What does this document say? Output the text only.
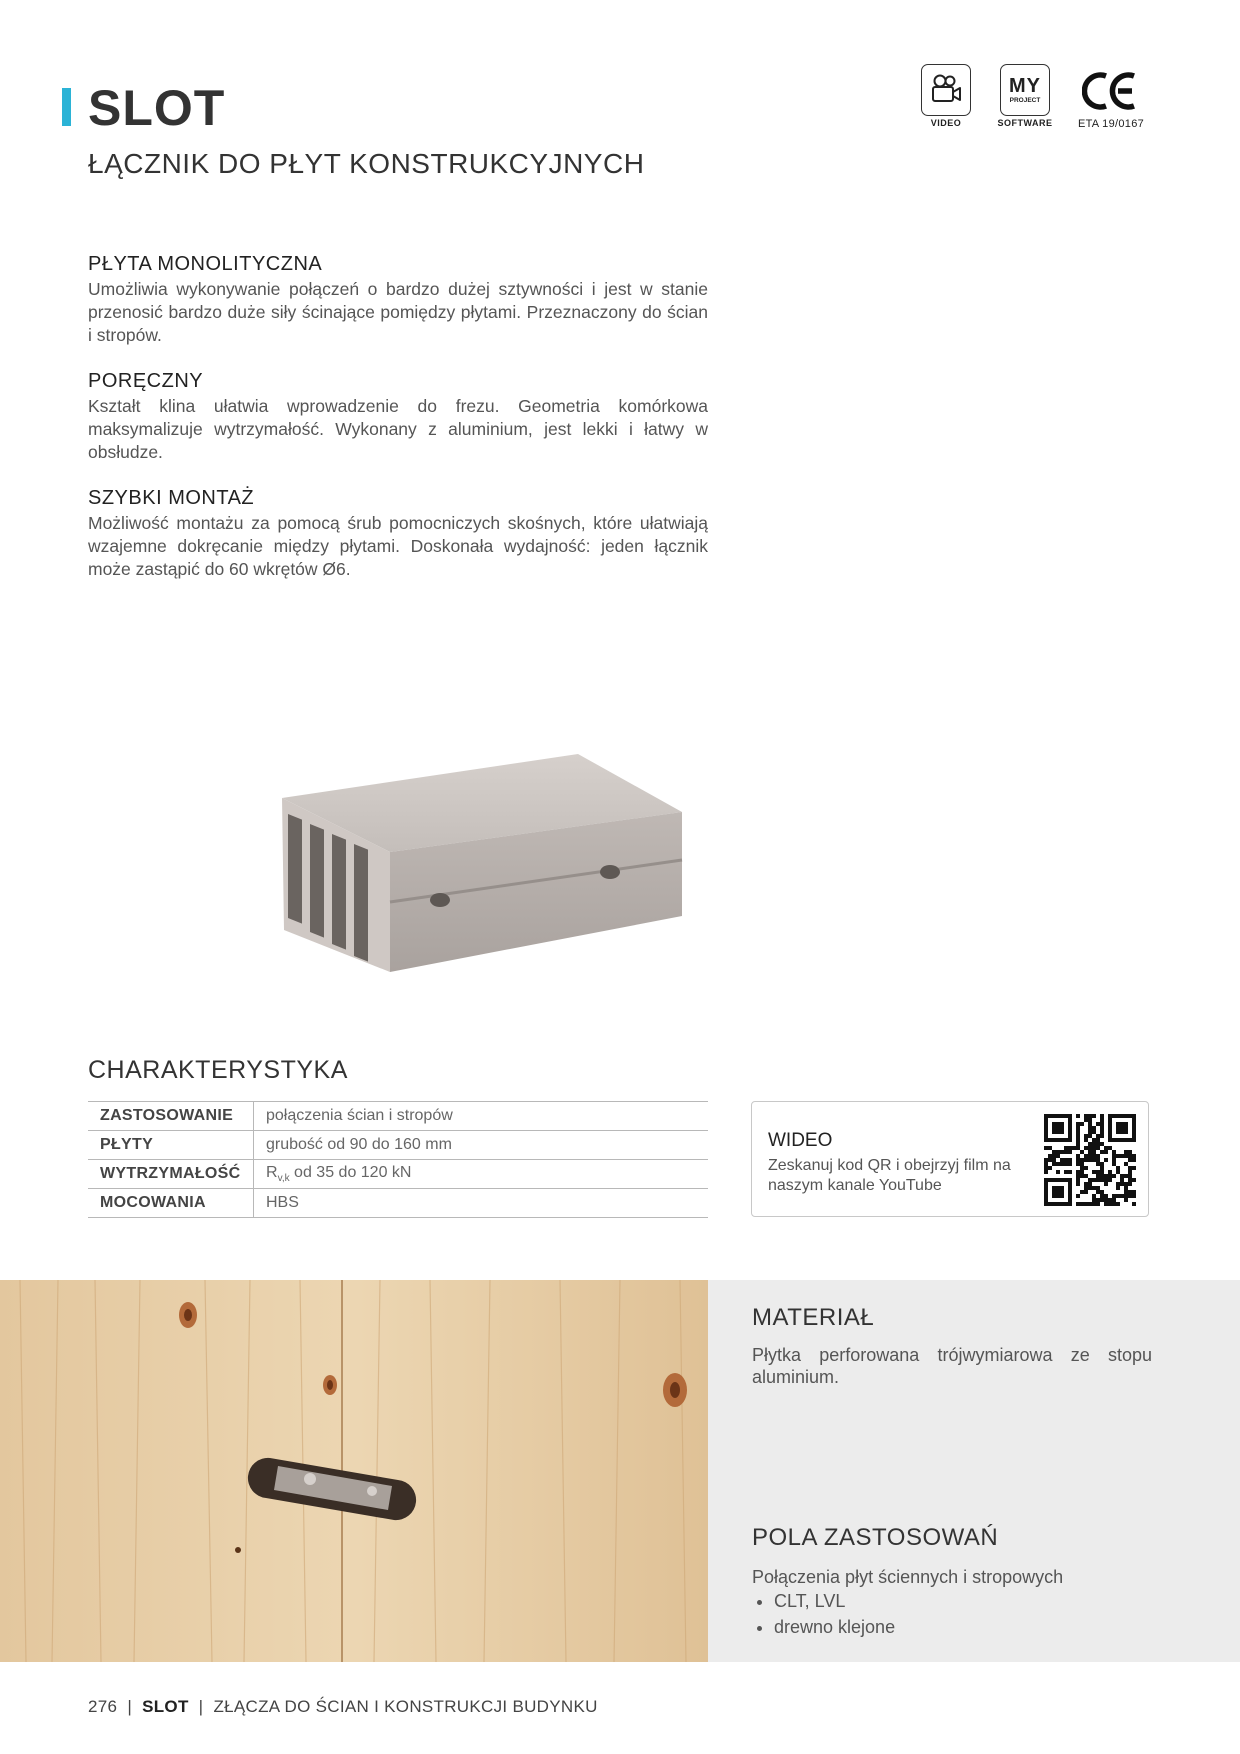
SLOT
ŁĄCZNIK DO PŁYT KONSTRUKCYJNYCH
VIDEO
MY
PROJECT
SOFTWARE	ETA 19/0167
PŁYTA MONOLITYCZNA

Umożliwia wykonywanie połączeń o bardzo dużej sztywności i jest w stanie przenosić bardzo duże siły ścinające pomiędzy płytami. Przeznaczony do ścian i stropów.

PORĘCZNY

Kształt klina ułatwia wprowadzenie do frezu. Geometria komórkowa maksymalizuje wytrzymałość. Wykonany z aluminium, jest lekki i łatwy w obsłudze.

SZYBKI MONTAŻ

Możliwość montażu za pomocą śrub pomocniczych skośnych, które ułatwiają wzajemne dokręcanie między płytami. Doskonała wydajność: jeden łącznik może zastąpić do 60 wkrętów Ø6.

CHARAKTERYSTYKA
ZASTOSOWANIE	połączenia ścian i stropów
PŁYTY	grubość od 90 do 160 mm
WYTRZYMAŁOŚĆ	$R_{v,k}$ od 35 do 120 kN
MOCOWANIA	HBS
WIDEO

Zeskanuj kod QR i obejrzyj film na naszym kanale YouTube

MATERIAŁ

Płytka perforowana trójwymiarowa ze stopu aluminium.

POLA ZASTOSOWAŃ

Połączenia płyt ściennych i stropowych

• CLT, LVL
• drewno klejone
276  |  SLOT  |  ZŁĄCZA DO ŚCIAN I KONSTRUKCJI BUDYNKU
